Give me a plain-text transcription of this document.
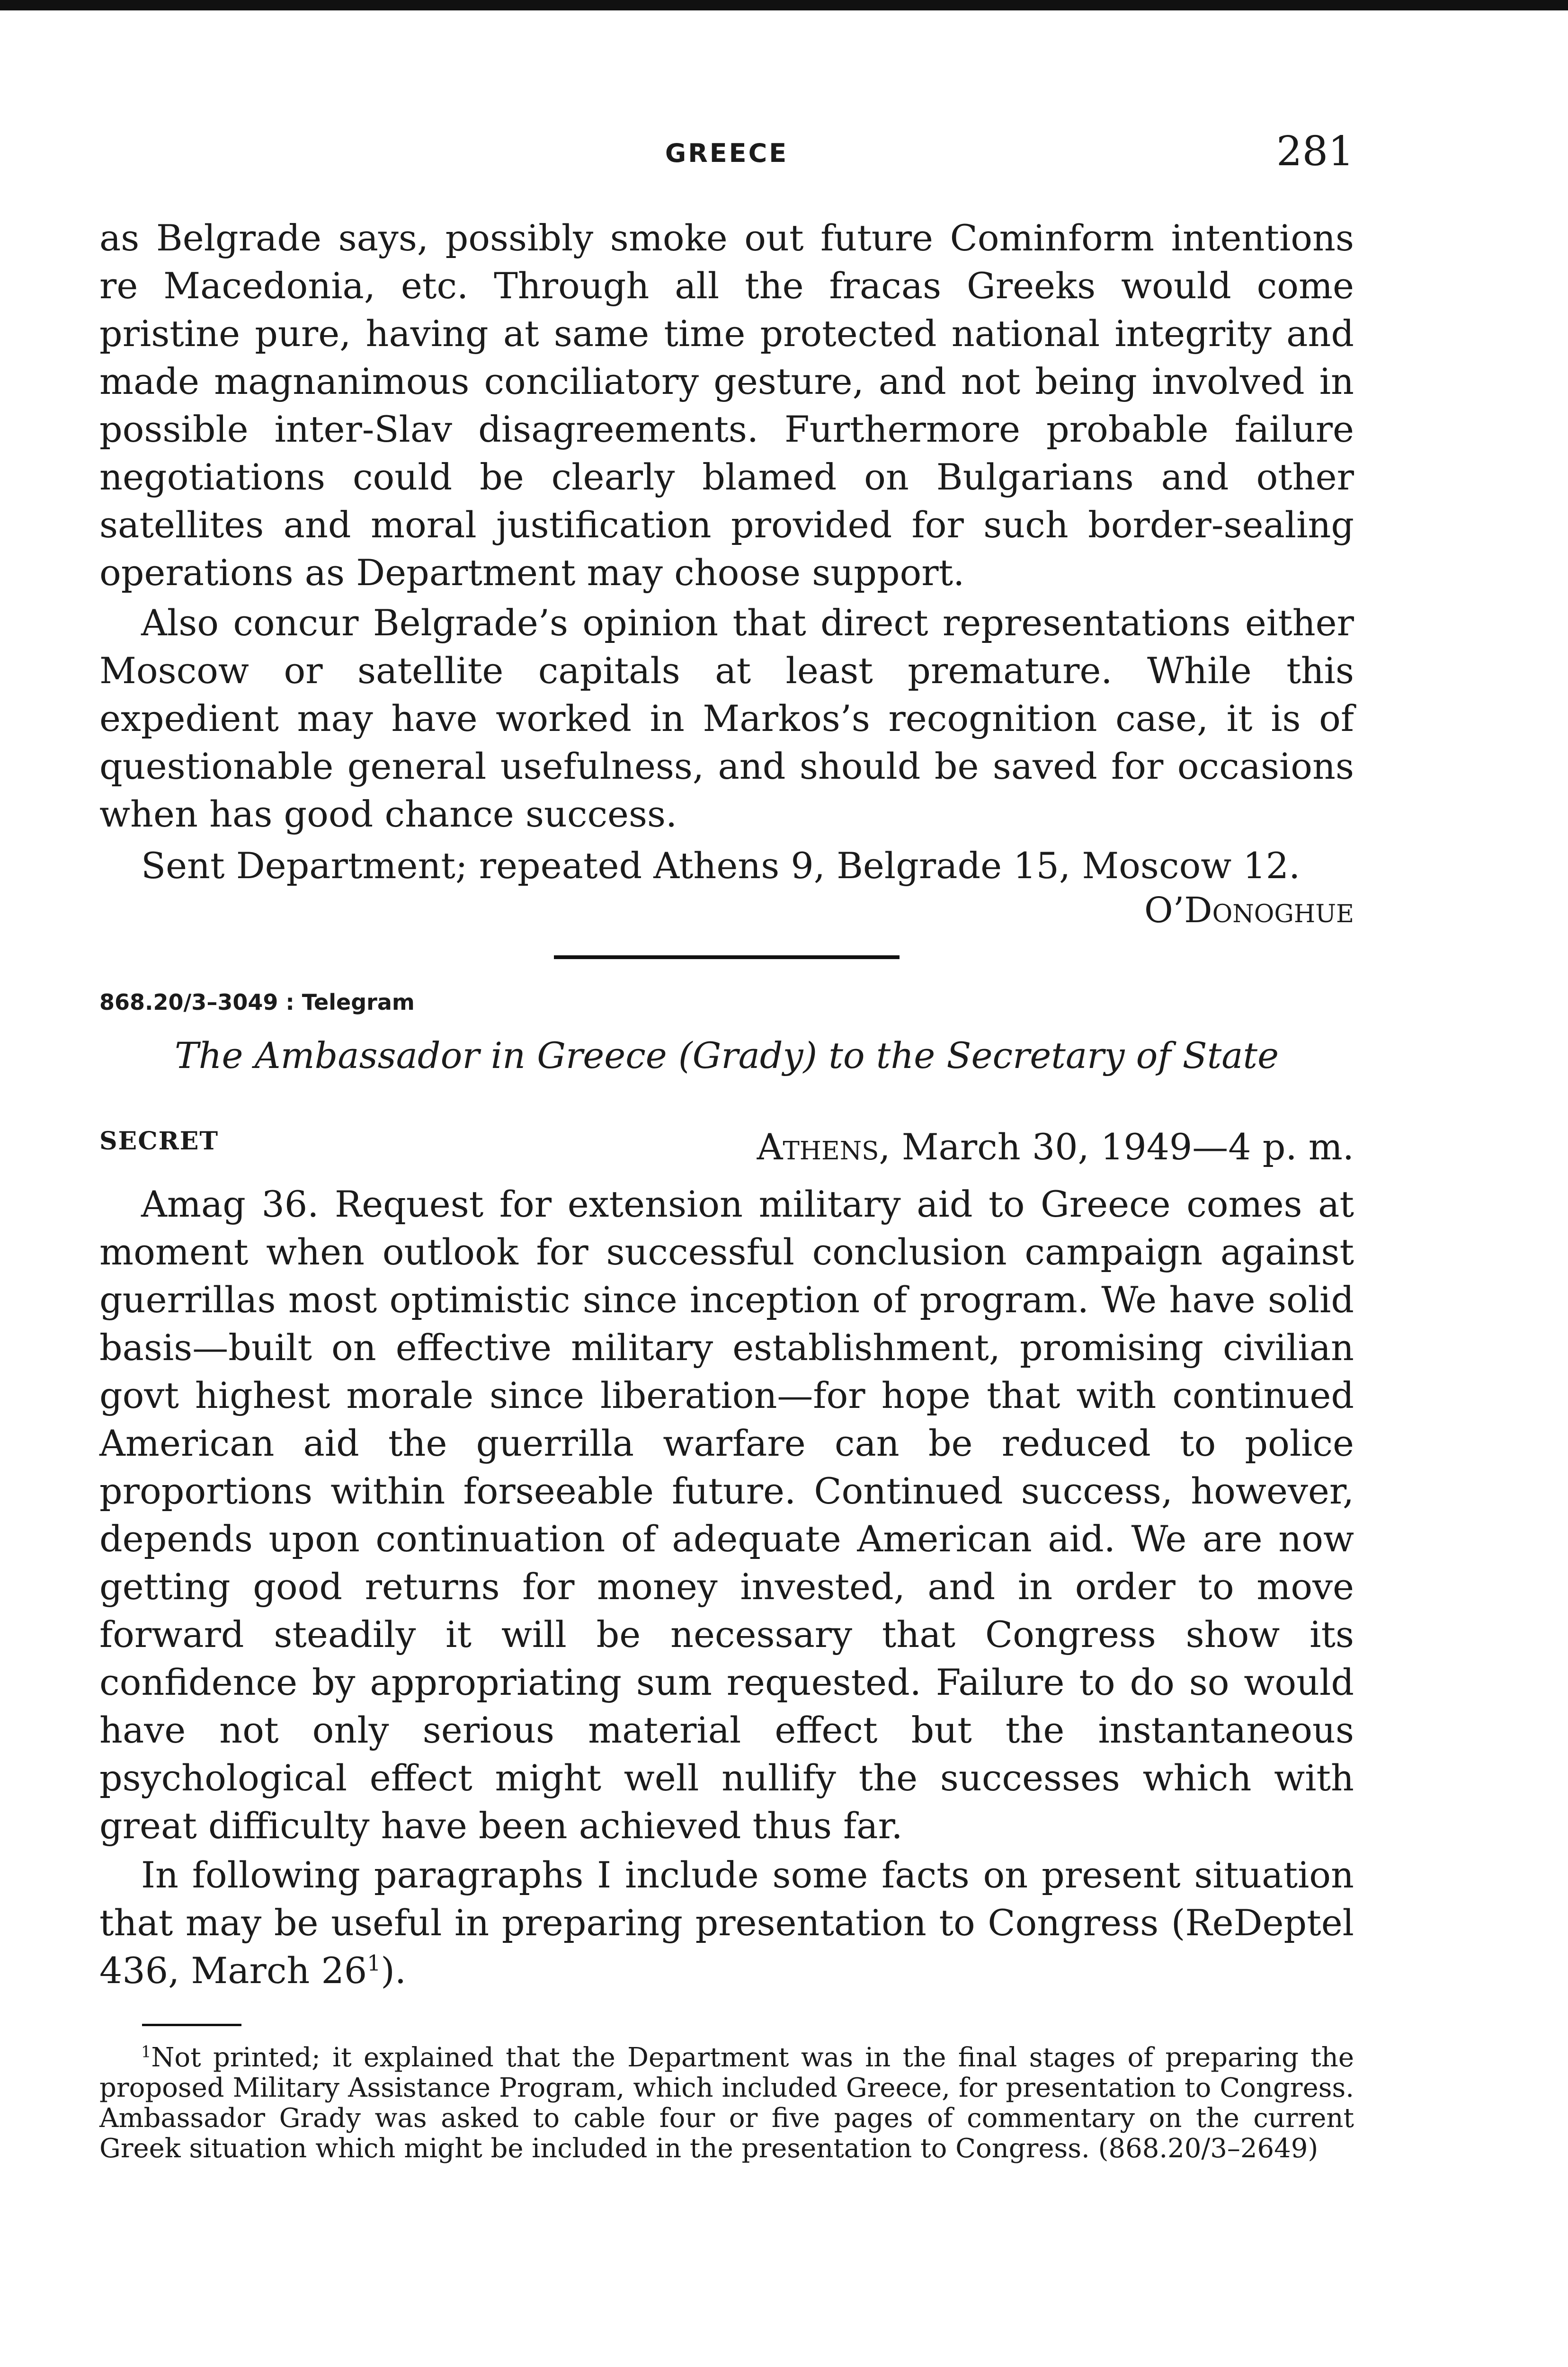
GREECE	281

as Belgrade says, possibly smoke out future Cominform intentions re Macedonia, etc. Through all the fracas Greeks would come pristine pure, having at same time protected national integrity and made magnanimous conciliatory gesture, and not being involved in possible inter-Slav disagreements. Furthermore probable failure negotiations could be clearly blamed on Bulgarians and other satellites and moral justification provided for such border-sealing operations as Department may choose support.

Also concur Belgrade’s opinion that direct representations either Moscow or satellite capitals at least premature. While this expedient may have worked in Markos’s recognition case, it is of questionable general usefulness, and should be saved for occasions when has good chance success.

Sent Department; repeated Athens 9, Belgrade 15, Moscow 12.

O’Donoghue
868.20/3–3049 : Telegram
The Ambassador in Greece (Grady) to the Secretary of State
SECRET	Athens, March 30, 1949—4 p. m.

Amag 36. Request for extension military aid to Greece comes at moment when outlook for successful conclusion campaign against guerrillas most optimistic since inception of program. We have solid basis—built on effective military establishment, promising civilian govt highest morale since liberation—for hope that with continued American aid the guerrilla warfare can be reduced to police proportions within forseeable future. Continued success, however, depends upon continuation of adequate American aid. We are now getting good returns for money invested, and in order to move forward steadily it will be necessary that Congress show its confidence by appropriating sum requested. Failure to do so would have not only serious material effect but the instantaneous psychological effect might well nullify the successes which with great difficulty have been achieved thus far.

In following paragraphs I include some facts on present situation that may be useful in preparing presentation to Congress (ReDeptel 436, March $26^1$).

$^1$Not printed; it explained that the Department was in the final stages of preparing the proposed Military Assistance Program, which included Greece, for presentation to Congress. Ambassador Grady was asked to cable four or five pages of commentary on the current Greek situation which might be included in the presentation to Congress. (868.20/3–2649)
